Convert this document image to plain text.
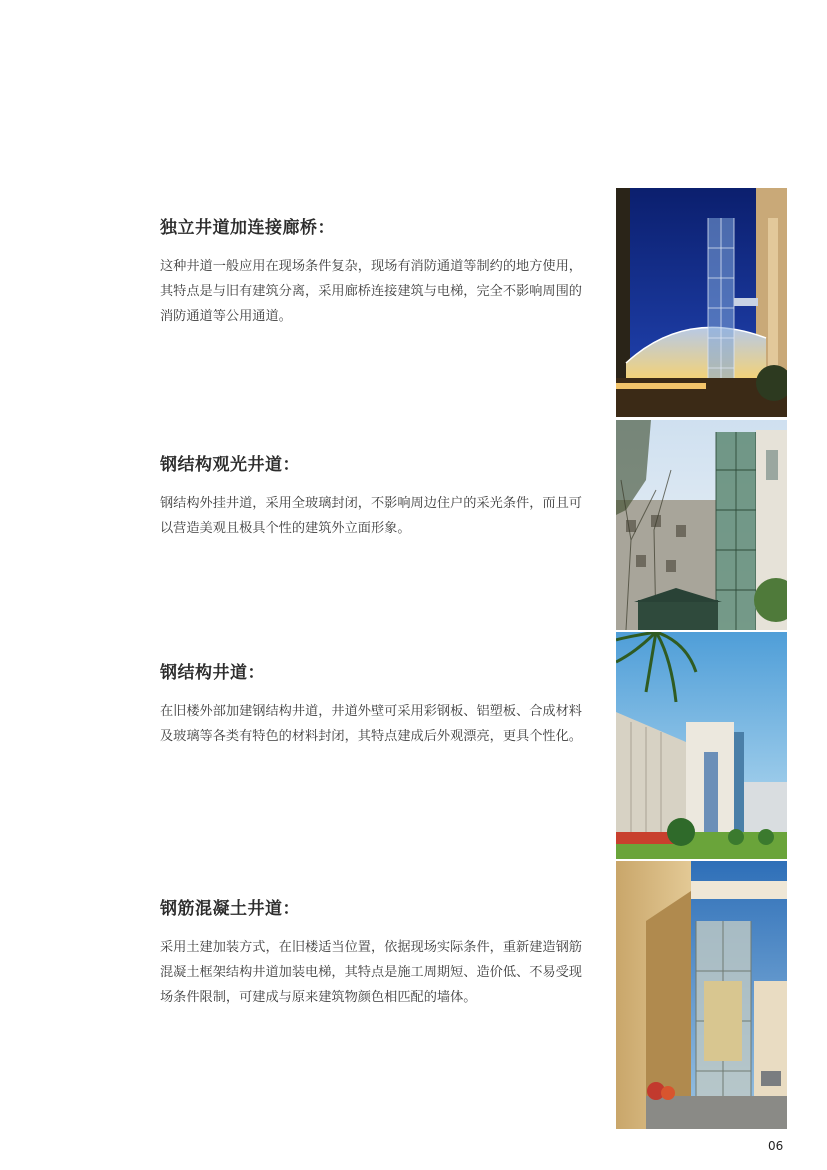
独立井道加连接廊桥：

这种井道一般应用在现场条件复杂，现场有消防通道等制约的地方使用，其特点是与旧有建筑分离，采用廊桥连接建筑与电梯，完全不影响周围的消防通道等公用通道。

钢结构观光井道：

钢结构外挂井道，采用全玻璃封闭，不影响周边住户的采光条件，而且可以营造美观且极具个性的建筑外立面形象。

钢结构井道：

在旧楼外部加建钢结构井道，井道外壁可采用彩钢板、铝塑板、合成材料及玻璃等各类有特色的材料封闭，其特点建成后外观漂亮，更具个性化。

钢筋混凝土井道：

采用土建加装方式，在旧楼适当位置，依据现场实际条件，重新建造钢筋混凝土框架结构井道加装电梯，其特点是施工周期短、造价低、不易受现场条件限制，可建成与原来建筑物颜色相匹配的墙体。

06
